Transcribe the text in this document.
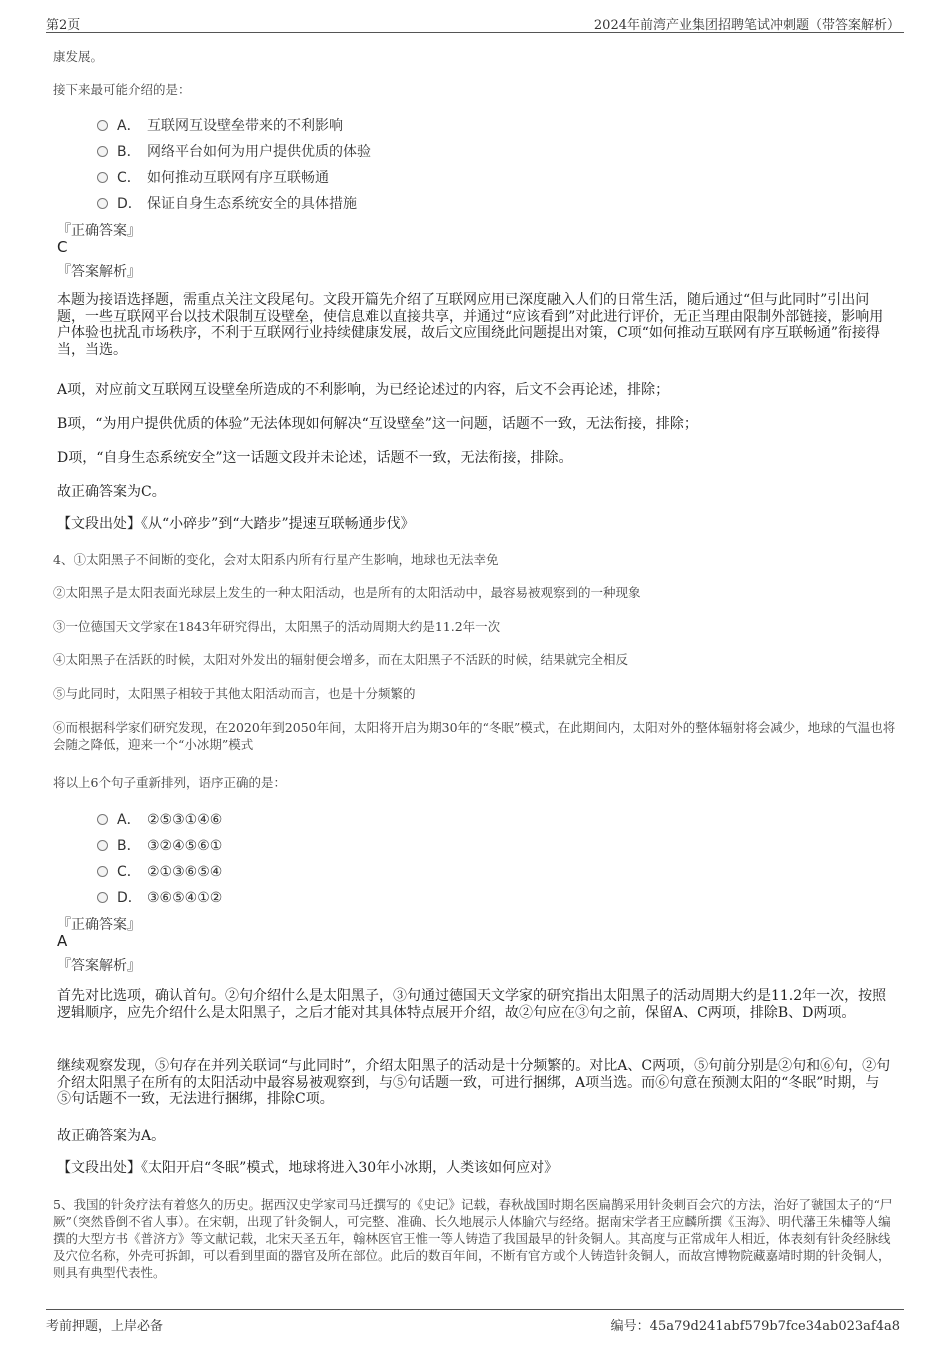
第2页	2024年前湾产业集团招聘笔试冲刺题（带答案解析）
康发展。
接下来最可能介绍的是：
A． 互联网互设壁垒带来的不利影响
B． 网络平台如何为用户提供优质的体验
C． 如何推动互联网有序互联畅通
D． 保证自身生态系统安全的具体措施
『正确答案』
C
『答案解析』
本题为接语选择题，需重点关注文段尾句。文段开篇先介绍了互联网应用已深度融入人们的日常生活，随后通过“但与此同时”引出问题，一些互联网平台以技术限制互设壁垒，使信息难以直接共享，并通过“应该看到”对此进行评价，无正当理由限制外部链接，影响用户体验也扰乱市场秩序，不利于互联网行业持续健康发展，故后文应围绕此问题提出对策，C项“如何推动互联网有序互联畅通”衔接得当，当选。
A项，对应前文互联网互设壁垒所造成的不利影响，为已经论述过的内容，后文不会再论述，排除；
B项，“为用户提供优质的体验”无法体现如何解决“互设壁垒”这一问题，话题不一致，无法衔接，排除；
D项，“自身生态系统安全”这一话题文段并未论述，话题不一致，无法衔接，排除。
故正确答案为C。
【文段出处】《从“小碎步”到“大踏步”提速互联畅通步伐》
4、①太阳黑子不间断的变化，会对太阳系内所有行星产生影响，地球也无法幸免
②太阳黑子是太阳表面光球层上发生的一种太阳活动，也是所有的太阳活动中，最容易被观察到的一种现象
③一位德国天文学家在1843年研究得出，太阳黑子的活动周期大约是11.2年一次
④太阳黑子在活跃的时候，太阳对外发出的辐射便会增多，而在太阳黑子不活跃的时候，结果就完全相反
⑤与此同时，太阳黑子相较于其他太阳活动而言，也是十分频繁的
⑥而根据科学家们研究发现，在2020年到2050年间，太阳将开启为期30年的“冬眠”模式，在此期间内，太阳对外的整体辐射将会减少，地球的气温也将会随之降低，迎来一个“小冰期”模式
将以上6个句子重新排列，语序正确的是：
A． ②⑤③①④⑥
B． ③②④⑤⑥①
C． ②①③⑥⑤④
D． ③⑥⑤④①②
『正确答案』
A
『答案解析』
首先对比选项，确认首句。②句介绍什么是太阳黑子，③句通过德国天文学家的研究指出太阳黑子的活动周期大约是11.2年一次，按照逻辑顺序，应先介绍什么是太阳黑子，之后才能对其具体特点展开介绍，故②句应在③句之前，保留A、C两项，排除B、D两项。
继续观察发现，⑤句存在并列关联词“与此同时”，介绍太阳黑子的活动是十分频繁的。对比A、C两项，⑤句前分别是②句和⑥句，②句介绍太阳黑子在所有的太阳活动中最容易被观察到，与⑤句话题一致，可进行捆绑，A项当选。而⑥句意在预测太阳的“冬眠”时期，与⑤句话题不一致，无法进行捆绑，排除C项。
故正确答案为A。
【文段出处】《太阳开启“冬眠”模式，地球将进入30年小冰期，人类该如何应对》
5、我国的针灸疗法有着悠久的历史。据西汉史学家司马迁撰写的《史记》记载，春秋战国时期名医扁鹊采用针灸刺百会穴的方法，治好了虢国太子的“尸厥”（突然昏倒不省人事）。在宋朝，出现了针灸铜人，可完整、准确、长久地展示人体腧穴与经络。据南宋学者王应麟所撰《玉海》、明代藩王朱橚等人编撰的大型方书《普济方》等文献记载，北宋天圣五年，翰林医官王惟一等人铸造了我国最早的针灸铜人。其高度与正常成年人相近，体表刻有针灸经脉线及穴位名称，外壳可拆卸，可以看到里面的器官及所在部位。此后的数百年间，不断有官方或个人铸造针灸铜人，而故宫博物院藏嘉靖时期的针灸铜人，则具有典型代表性。
考前押题，上岸必备	编号：45a79d241abf579b7fce34ab023af4a8
